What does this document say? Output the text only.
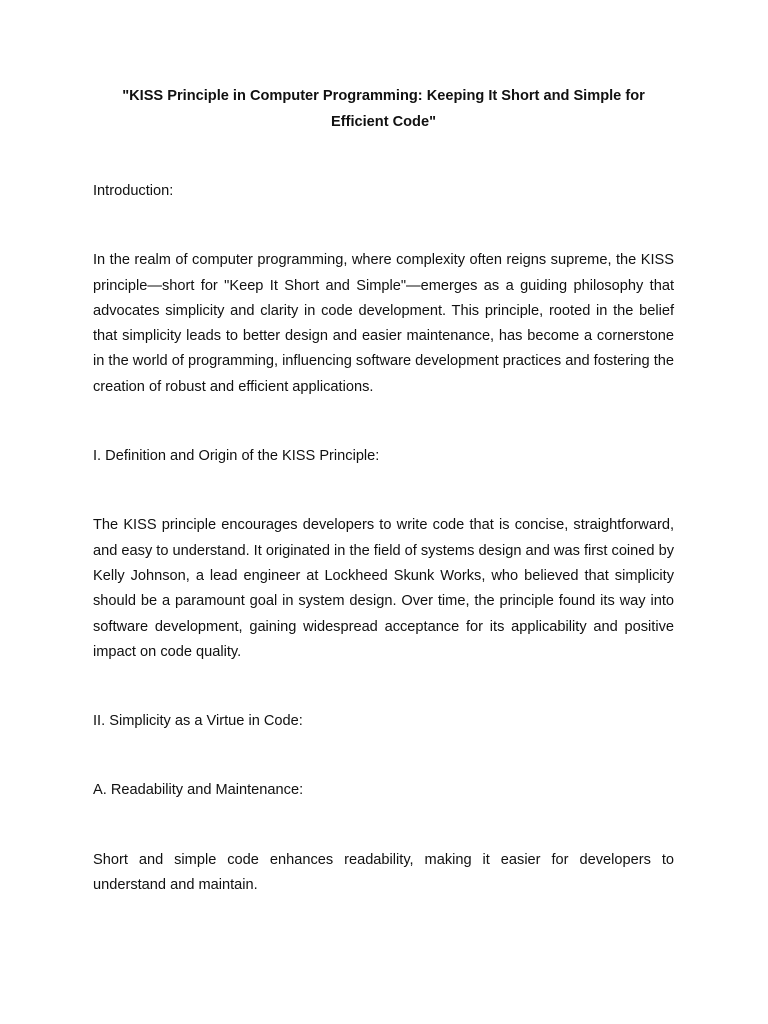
"KISS Principle in Computer Programming: Keeping It Short and Simple for Efficient Code"

Introduction:

In the realm of computer programming, where complexity often reigns supreme, the KISS principle—short for "Keep It Short and Simple"—emerges as a guiding philosophy that advocates simplicity and clarity in code development. This principle, rooted in the belief that simplicity leads to better design and easier maintenance, has become a cornerstone in the world of programming, influencing software development practices and fostering the creation of robust and efficient applications.

I. Definition and Origin of the KISS Principle:

The KISS principle encourages developers to write code that is concise, straightforward, and easy to understand. It originated in the field of systems design and was first coined by Kelly Johnson, a lead engineer at Lockheed Skunk Works, who believed that simplicity should be a paramount goal in system design. Over time, the principle found its way into software development, gaining widespread acceptance for its applicability and positive impact on code quality.

II. Simplicity as a Virtue in Code:

A. Readability and Maintenance:

Short and simple code enhances readability, making it easier for developers to understand and maintain.
